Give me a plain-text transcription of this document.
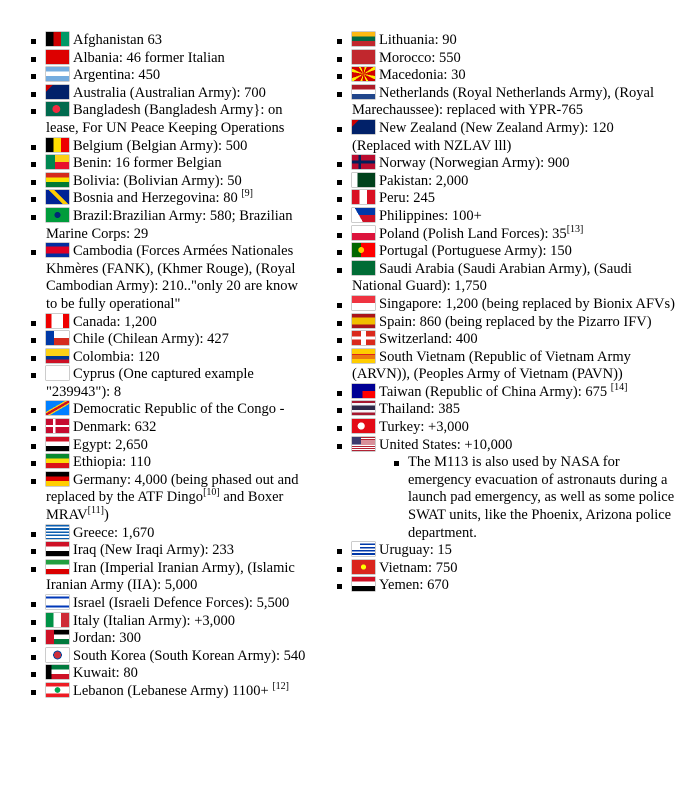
Afghanistan 63
Albania: 46 former Italian
Argentina: 450
Australia (Australian Army): 700
Bangladesh (Bangladesh Army}: on lease, For UN Peace Keeping Operations
Belgium (Belgian Army): 500
Benin: 16 former Belgian
Bolivia: (Bolivian Army): 50
Bosnia and Herzegovina: 80 [9]
Brazil:Brazilian Army: 580; Brazilian Marine Corps: 29
Cambodia (Forces Armées Nationales Khmères (FANK), (Khmer Rouge), (Royal Cambodian Army): 210.."only 20 are know to be fully operational"
Canada: 1,200
Chile (Chilean Army): 427
Colombia: 120
Cyprus (One captured example "239943"): 8
Democratic Republic of the Congo -
Denmark: 632
Egypt: 2,650
Ethiopia: 110
Germany: 4,000 (being phased out and replaced by the ATF Dingo[10] and Boxer MRAV[11])
Greece: 1,670
Iraq (New Iraqi Army): 233
Iran (Imperial Iranian Army), (Islamic Iranian Army (IIA): 5,000
Israel (Israeli Defence Forces): 5,500
Italy (Italian Army): +3,000
Jordan: 300
South Korea (South Korean Army): 540
Kuwait: 80
Lebanon (Lebanese Army) 1100+ [12]
Lithuania: 90
Morocco: 550
Macedonia: 30
Netherlands (Royal Netherlands Army), (Royal Marechaussee): replaced with YPR-765
New Zealand (New Zealand Army): 120 (Replaced with NZLAV lll)
Norway (Norwegian Army): 900
Pakistan: 2,000
Peru: 245
Philippines: 100+
Poland (Polish Land Forces): 35[13]
Portugal (Portuguese Army): 150
Saudi Arabia (Saudi Arabian Army), (Saudi National Guard): 1,750
Singapore: 1,200 (being replaced by Bionix AFVs)
Spain: 860 (being replaced by the Pizarro IFV)
Switzerland: 400
South Vietnam (Republic of Vietnam Army (ARVN)), (Peoples Army of Vietnam (PAVN))
Taiwan (Republic of China Army): 675 [14]
Thailand: 385
Turkey: +3,000
United States: +10,000
The M113 is also used by NASA for emergency evacuation of astronauts during a launch pad emergency, as well as some police SWAT units, like the Phoenix, Arizona police department.
Uruguay: 15
Vietnam: 750
Yemen: 670
